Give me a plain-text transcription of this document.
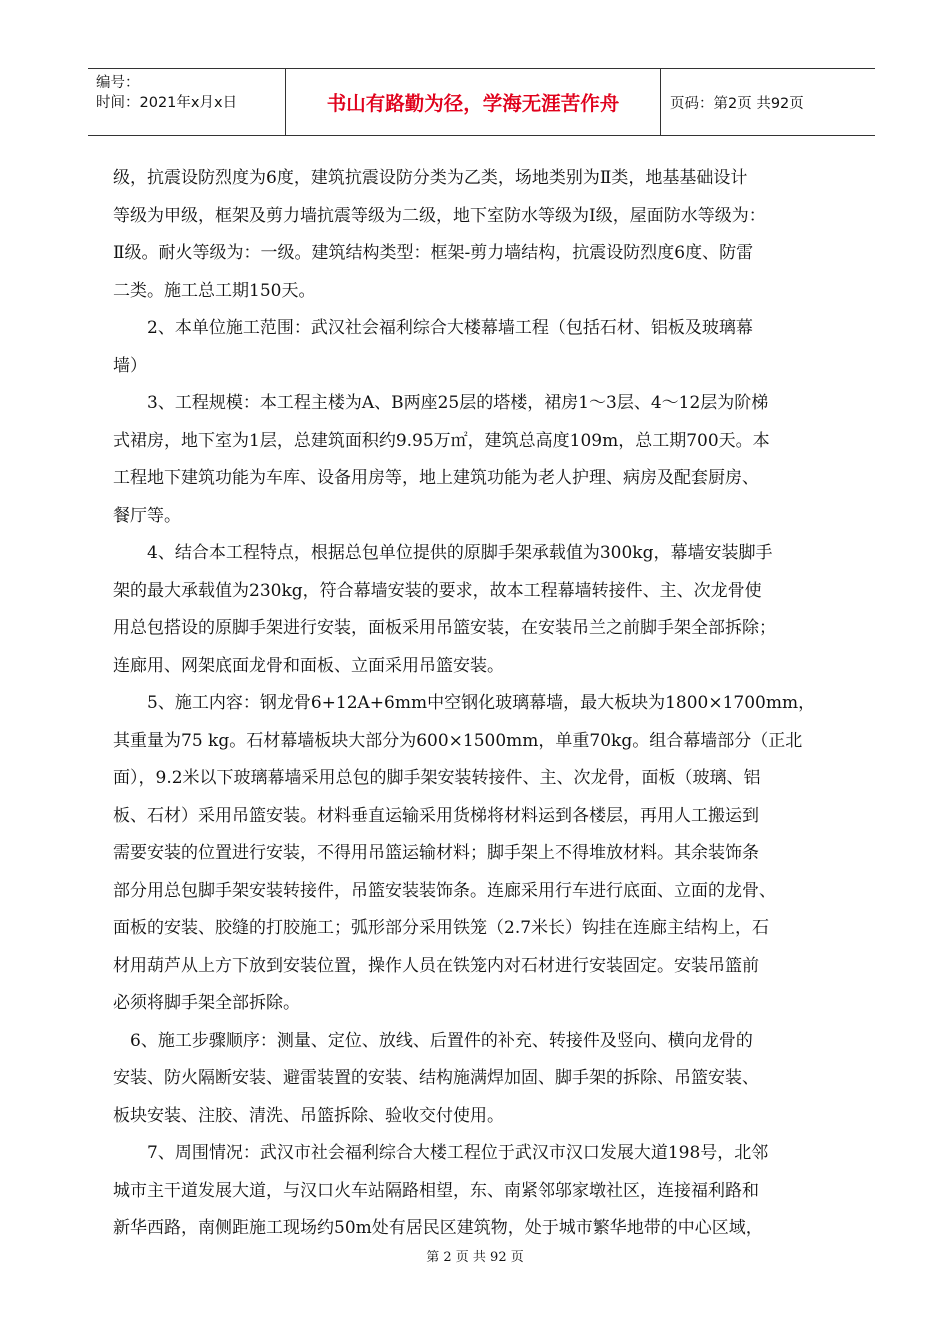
编号：
时间：2021年x月x日	书山有路勤为径，学海无涯苦作舟	页码：第2页 共92页
级，抗震设防烈度为6度，建筑抗震设防分类为乙类，场地类别为Ⅱ类，地基基础设计
等级为甲级，框架及剪力墙抗震等级为二级，地下室防水等级为Ⅰ级，屋面防水等级为：
Ⅱ级。耐火等级为：一级。建筑结构类型：框架-剪力墙结构，抗震设防烈度6度、防雷
二类。施工总工期150天。
　　2、本单位施工范围：武汉社会福利综合大楼幕墙工程（包括石材、铝板及玻璃幕
墙）
　　3、工程规模：本工程主楼为A、B两座25层的塔楼，裙房1～3层、4～12层为阶梯
式裙房，地下室为1层，总建筑面积约9.95万㎡，建筑总高度109m，总工期700天。本
工程地下建筑功能为车库、设备用房等，地上建筑功能为老人护理、病房及配套厨房、
餐厅等。
　　4、结合本工程特点，根据总包单位提供的原脚手架承载值为300kg，幕墙安装脚手
架的最大承载值为230kg，符合幕墙安装的要求，故本工程幕墙转接件、主、次龙骨使
用总包搭设的原脚手架进行安装，面板采用吊篮安装，在安装吊兰之前脚手架全部拆除；
连廊用、网架底面龙骨和面板、立面采用吊篮安装。
　　5、施工内容：钢龙骨6+12A+6mm中空钢化玻璃幕墙，最大板块为1800×1700mm，
其重量为75 kg。石材幕墙板块大部分为600×1500mm，单重70kg。组合幕墙部分（正北
面），9.2米以下玻璃幕墙采用总包的脚手架安装转接件、主、次龙骨，面板（玻璃、铝
板、石材）采用吊篮安装。材料垂直运输采用货梯将材料运到各楼层，再用人工搬运到
需要安装的位置进行安装，不得用吊篮运输材料；脚手架上不得堆放材料。其余装饰条
部分用总包脚手架安装转接件，吊篮安装装饰条。连廊采用行车进行底面、立面的龙骨、
面板的安装、胶缝的打胶施工；弧形部分采用铁笼（2.7米长）钩挂在连廊主结构上，石
材用葫芦从上方下放到安装位置，操作人员在铁笼内对石材进行安装固定。安装吊篮前
必须将脚手架全部拆除。
　6、施工步骤顺序：测量、定位、放线、后置件的补充、转接件及竖向、横向龙骨的
安装、防火隔断安装、避雷装置的安装、结构施满焊加固、脚手架的拆除、吊篮安装、
板块安装、注胶、清洗、吊篮拆除、验收交付使用。
　　7、周围情况：武汉市社会福利综合大楼工程位于武汉市汉口发展大道198号，北邻
城市主干道发展大道，与汉口火车站隔路相望，东、南紧邻邬家墩社区，连接福利路和
新华西路，南侧距施工现场约50m处有居民区建筑物，处于城市繁华地带的中心区域，
第 2 页 共 92 页
